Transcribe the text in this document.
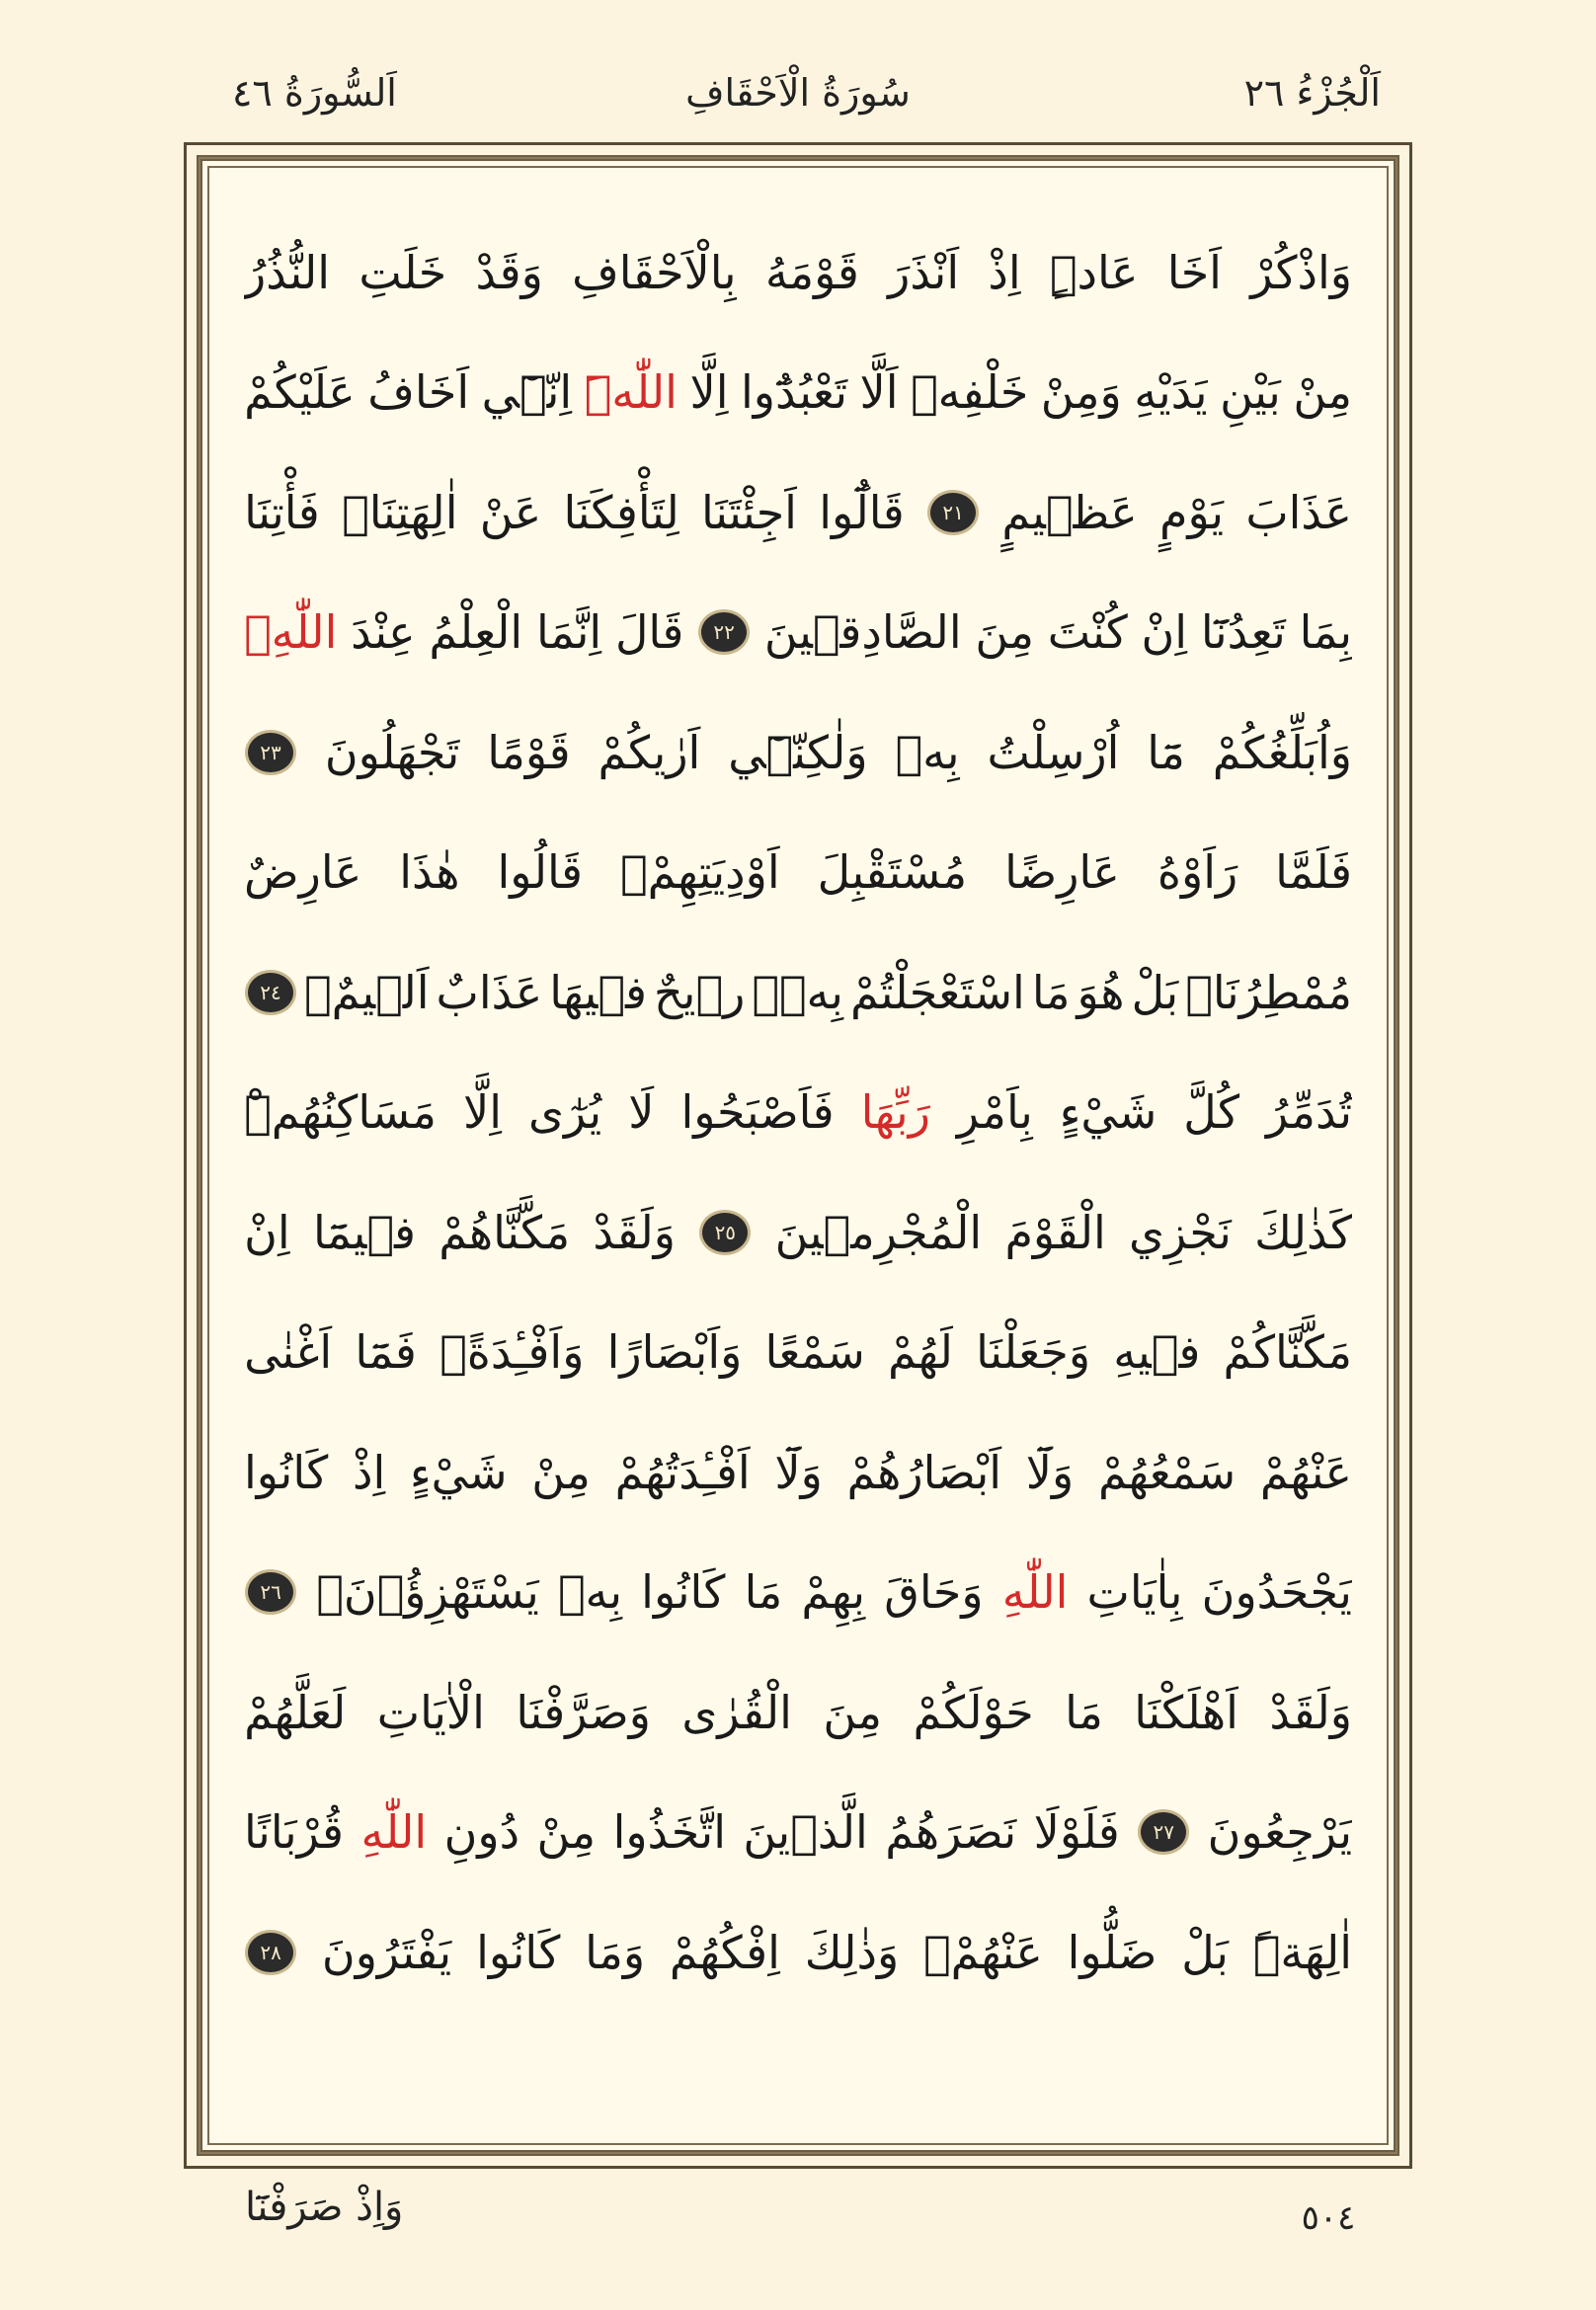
اَلْجُزْءُ ٢٦
سُورَةُ الْاَحْقَافِ
اَلسُّورَةُ ٤٦
وَاذْكُرْ
اَخَا
عَادٍۜ
اِذْ
اَنْذَرَ
قَوْمَهُ
بِالْاَحْقَافِ
وَقَدْ
خَلَتِ
النُّذُرُ
مِنْ
بَيْنِ
يَدَيْهِ
وَمِنْ
خَلْفِه۪
اَلَّا
تَعْبُدُٓوا
اِلَّا
اللّٰهَۜ
اِنّ۪ٓي
اَخَافُ
عَلَيْكُمْ
عَذَابَ
يَوْمٍ
عَظ۪يمٍ
٢١
قَالُٓوا
اَجِئْتَنَا
لِتَأْفِكَنَا
عَنْ
اٰلِهَتِنَاۚ
فَأْتِنَا
بِمَا
تَعِدُنَٓا
اِنْ
كُنْتَ
مِنَ
الصَّادِق۪ينَ
٢٢
قَالَ
اِنَّمَا
الْعِلْمُ
عِنْدَ
اللّٰهِۘ
وَاُبَلِّغُكُمْ
مَٓا
اُرْسِلْتُ
بِه۪
وَلٰكِنّ۪ٓي
اَرٰيكُمْ
قَوْمًا
تَجْهَلُونَ
٢٣
فَلَمَّا
رَاَوْهُ
عَارِضًا
مُسْتَقْبِلَ
اَوْدِيَتِهِمْۙ
قَالُوا
هٰذَا
عَارِضٌ
مُمْطِرُنَاۜ
بَلْ
هُوَ
مَا
اسْتَعْجَلْتُمْ
بِه۪ۜ
ر۪يحٌ
ف۪يهَا
عَذَابٌ
اَل۪يمٌۙ
٢٤
تُدَمِّرُ
كُلَّ
شَيْءٍ
بِاَمْرِ
رَبِّهَا
فَاَصْبَحُوا
لَا
يُرٰٓى
اِلَّا
مَسَاكِنُهُمْۜ
كَذٰلِكَ
نَجْزِي
الْقَوْمَ
الْمُجْرِم۪ينَ
٢٥
وَلَقَدْ
مَكَّنَّاهُمْ
ف۪يمَٓا
اِنْ
مَكَّنَّاكُمْ
ف۪يهِ
وَجَعَلْنَا
لَهُمْ
سَمْعًا
وَاَبْصَارًا
وَاَفْـِٔدَةًۘ
فَمَٓا
اَغْنٰى
عَنْهُمْ
سَمْعُهُمْ
وَلَٓا
اَبْصَارُهُمْ
وَلَٓا
اَفْـِٔدَتُهُمْ
مِنْ
شَيْءٍ
اِذْ
كَانُوا
يَجْحَدُونَ
بِاٰيَاتِ
اللّٰهِ
وَحَاقَ
بِهِمْ
مَا
كَانُوا
بِه۪
يَسْتَهْزِؤُ۫نَ۟
٢٦
وَلَقَدْ
اَهْلَكْنَا
مَا
حَوْلَكُمْ
مِنَ
الْقُرٰى
وَصَرَّفْنَا
الْاٰيَاتِ
لَعَلَّهُمْ
يَرْجِعُونَ
٢٧
فَلَوْلَا
نَصَرَهُمُ
الَّذ۪ينَ
اتَّخَذُوا
مِنْ
دُونِ
اللّٰهِ
قُرْبَانًا
اٰلِهَةًۜ
بَلْ
ضَلُّوا
عَنْهُمْۚ
وَذٰلِكَ
اِفْكُهُمْ
وَمَا
كَانُوا
يَفْتَرُونَ
٢٨
٥٠٤
وَاِذْ صَرَفْنَٓا
